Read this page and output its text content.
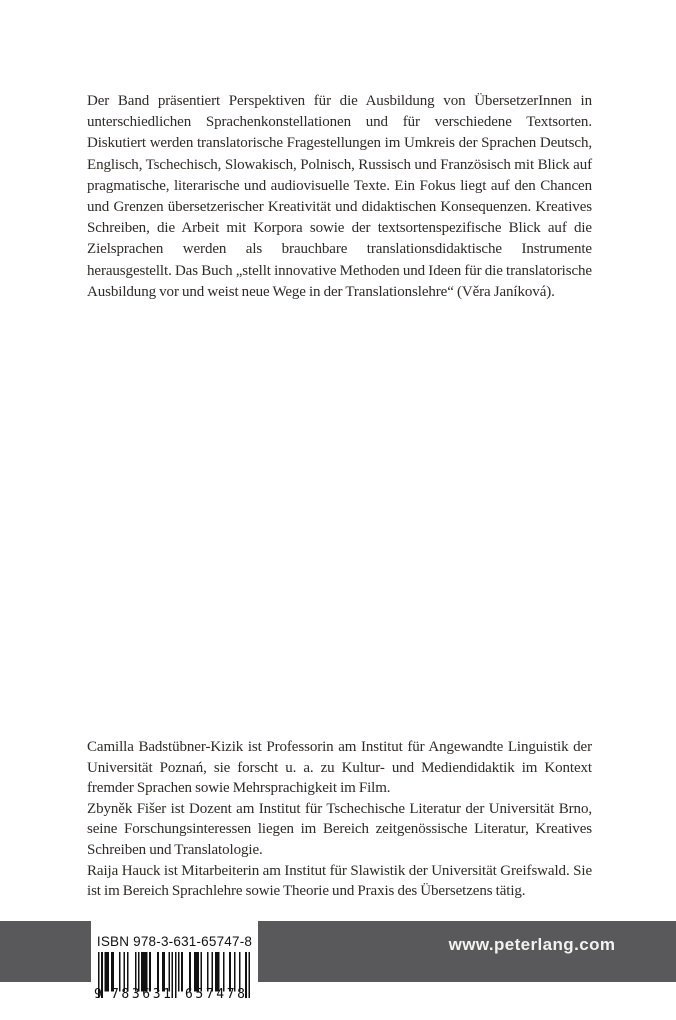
Der Band präsentiert Perspektiven für die Ausbildung von ÜbersetzerInnen in unterschiedlichen Sprachenkonstellationen und für verschiedene Textsorten. Diskutiert werden translatorische Fragestellungen im Umkreis der Sprachen Deutsch, Englisch, Tschechisch, Slowakisch, Polnisch, Russisch und Französisch mit Blick auf pragmatische, literarische und audiovisuelle Texte. Ein Fokus liegt auf den Chancen und Grenzen übersetzerischer Kreativität und didaktischen Konsequenzen. Kreatives Schreiben, die Arbeit mit Korpora sowie der textsortenspezifische Blick auf die Zielsprachen werden als brauchbare translationsdidaktische Instrumente herausgestellt. Das Buch „stellt innovative Methoden und Ideen für die translatorische Ausbildung vor und weist neue Wege in der Translationslehre“ (Věra Janíková).

Camilla Badstübner-Kizik ist Professorin am Institut für Angewandte Linguistik der Universität Poznań, sie forscht u. a. zu Kultur- und Mediendidaktik im Kontext fremder Sprachen sowie Mehrsprachigkeit im Film.

Zbyněk Fišer ist Dozent am Institut für Tschechische Literatur der Universität Brno, seine Forschungsinteressen liegen im Bereich zeitgenössische Literatur, Kreatives Schreiben und Translatologie.

Raija Hauck ist Mitarbeiterin am Institut für Slawistik der Universität Greifswald. Sie ist im Bereich Sprachlehre sowie Theorie und Praxis des Übersetzens tätig.

www.peterlang.com
ISBN 978-3-631-65747-8
9 783631 657478
